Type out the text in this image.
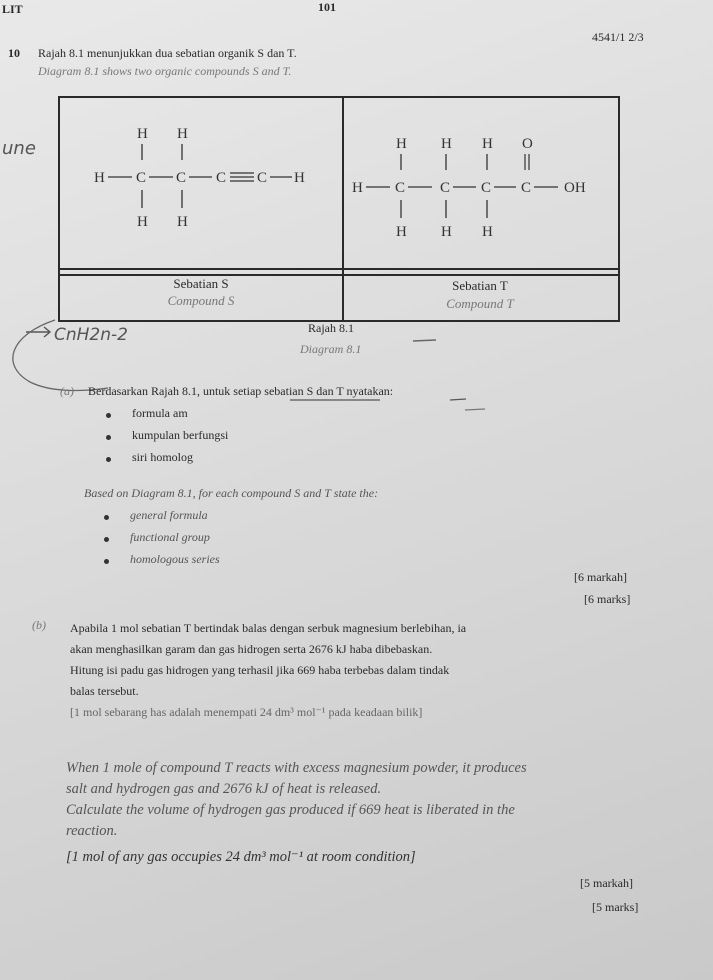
LIT	101
4541/1 2/3
10 Rajah 8.1 menunjukkan dua sebatian organik S dan T.
Diagram 8.1 shows two organic compounds S and T.
une
H H
H C C C C H
H H
H H H O
H C C C C OH
H H H
Sebatian S
Compound S
Sebatian T
Compound T
CnH2n-2	Rajah 8.1
Diagram 8.1
(a) Berdasarkan Rajah 8.1, untuk setiap sebatian S dan T nyatakan:
formula am
kumpulan berfungsi
siri homolog
Based on Diagram 8.1, for each compound S and T state the:
general formula
functional group
homologous series
[6 markah]
[6 marks]
(b) Apabila 1 mol sebatian T bertindak balas dengan serbuk magnesium berlebihan, ia
akan menghasilkan garam dan gas hidrogen serta 2676 kJ haba dibebaskan.
Hitung isi padu gas hidrogen yang terhasil jika 669 haba terbebas dalam tindak
balas tersebut.
[1 mol sebarang has adalah menempati 24 dm³ mol⁻¹ pada keadaan bilik]
When 1 mole of compound T reacts with excess magnesium powder, it produces
salt and hydrogen gas and 2676 kJ of heat is released.
Calculate the volume of hydrogen gas produced if 669 heat is liberated in the
reaction.
[1 mol of any gas occupies 24 dm³ mol⁻¹ at room condition]
[5 markah]
[5 marks]
